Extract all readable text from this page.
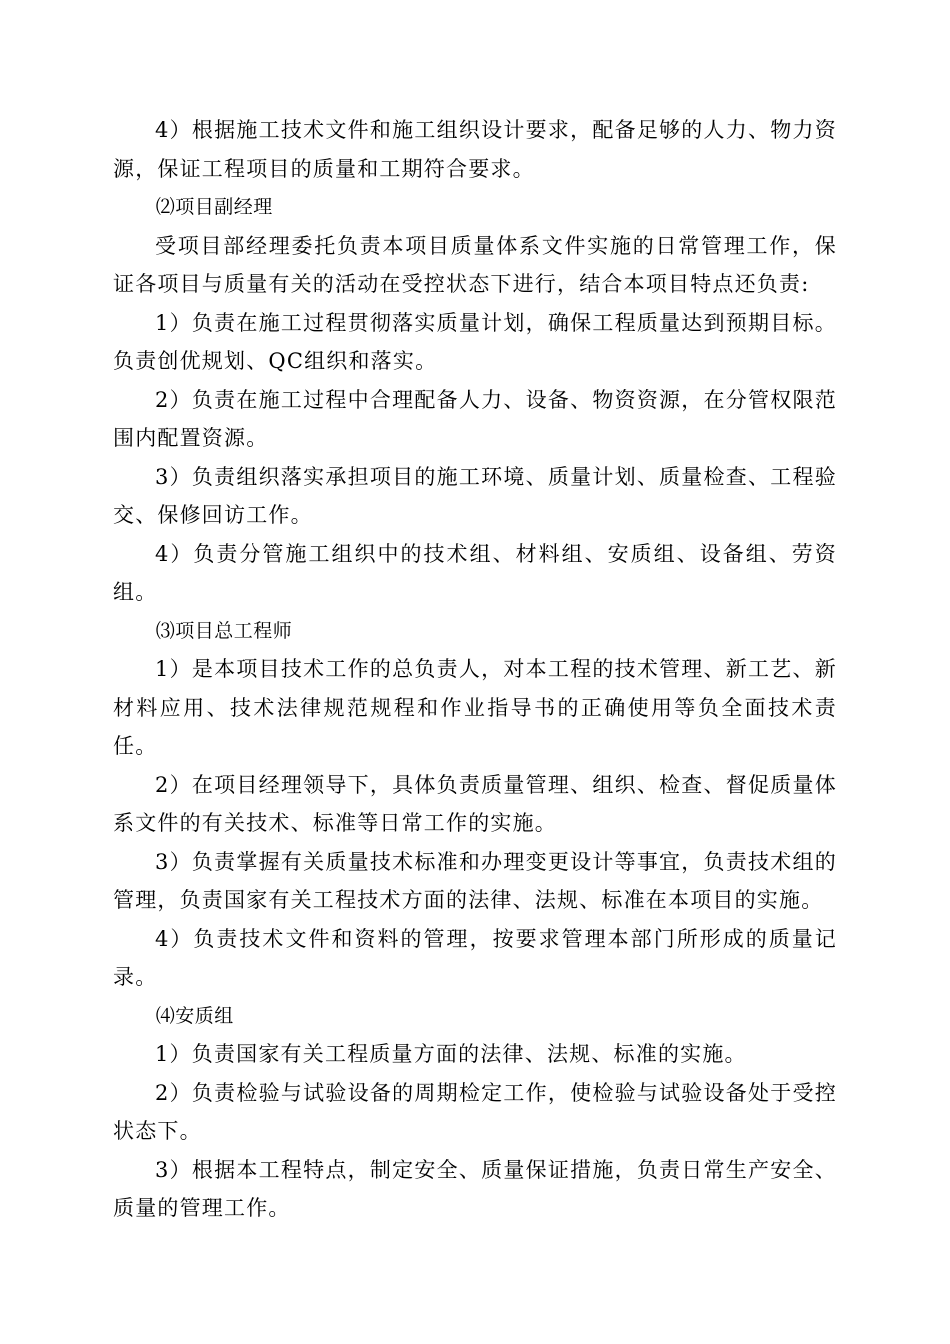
4）根据施工技术文件和施工组织设计要求，配备足够的人力、物力资源，保证工程项目的质量和工期符合要求。

⑵项目副经理

受项目部经理委托负责本项目质量体系文件实施的日常管理工作，保证各项目与质量有关的活动在受控状态下进行，结合本项目特点还负责:

1）负责在施工过程贯彻落实质量计划，确保工程质量达到预期目标。负责创优规划、QC组织和落实。

2）负责在施工过程中合理配备人力、设备、物资资源，在分管权限范围内配置资源。

3）负责组织落实承担项目的施工环境、质量计划、质量检查、工程验交、保修回访工作。

4）负责分管施工组织中的技术组、材料组、安质组、设备组、劳资组。

⑶项目总工程师

1）是本项目技术工作的总负责人，对本工程的技术管理、新工艺、新材料应用、技术法律规范规程和作业指导书的正确使用等负全面技术责任。

2）在项目经理领导下，具体负责质量管理、组织、检查、督促质量体系文件的有关技术、标准等日常工作的实施。

3）负责掌握有关质量技术标准和办理变更设计等事宜，负责技术组的管理，负责国家有关工程技术方面的法律、法规、标准在本项目的实施。

4）负责技术文件和资料的管理，按要求管理本部门所形成的质量记录。

⑷安质组

1）负责国家有关工程质量方面的法律、法规、标准的实施。

2）负责检验与试验设备的周期检定工作，使检验与试验设备处于受控状态下。

3）根据本工程特点，制定安全、质量保证措施，负责日常生产安全、质量的管理工作。
